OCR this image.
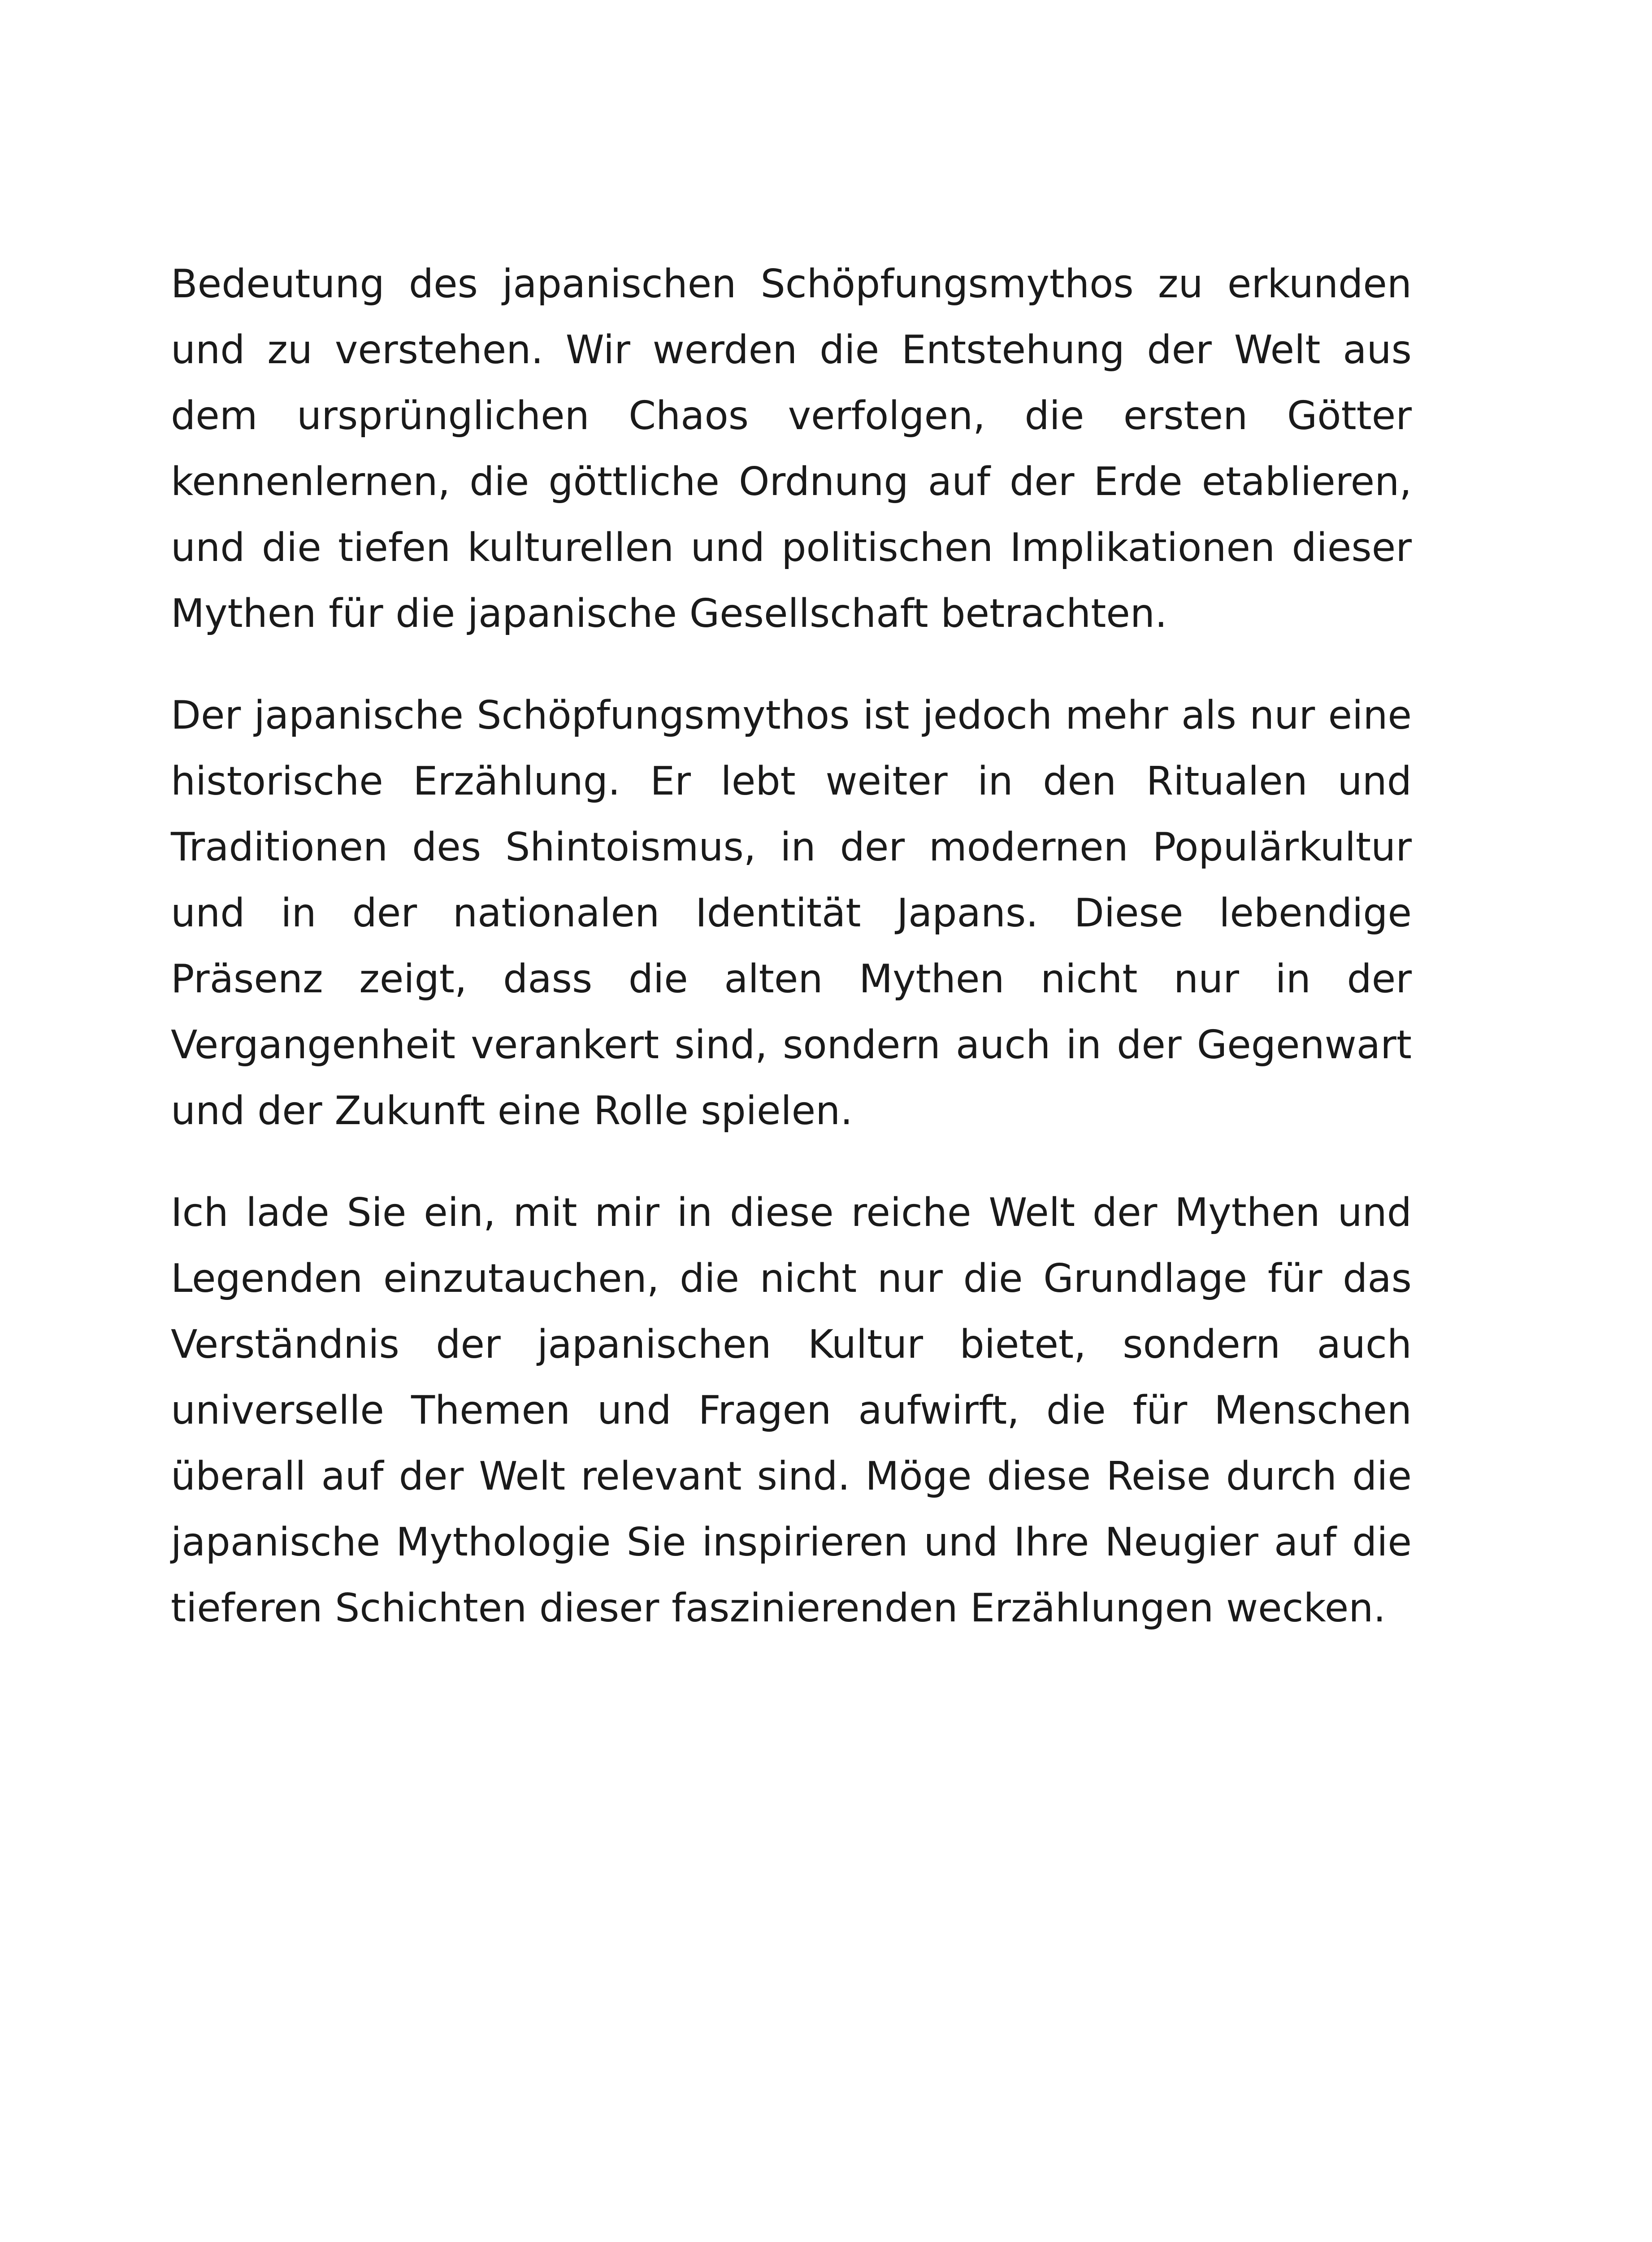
Bedeutung des japanischen Schöpfungsmythos zu erkunden und zu verstehen. Wir werden die Entstehung der Welt aus dem ursprünglichen Chaos verfolgen, die ersten Götter kennenlernen, die göttliche Ordnung auf der Erde etablieren, und die tiefen kulturellen und politischen Implikationen dieser Mythen für die japanische Gesellschaft betrachten.

Der japanische Schöpfungsmythos ist jedoch mehr als nur eine historische Erzählung. Er lebt weiter in den Ritualen und Traditionen des Shintoismus, in der modernen Populärkultur und in der nationalen Identität Japans. Diese lebendige Präsenz zeigt, dass die alten Mythen nicht nur in der Vergangenheit verankert sind, sondern auch in der Gegenwart und der Zukunft eine Rolle spielen.

Ich lade Sie ein, mit mir in diese reiche Welt der Mythen und Legenden einzutauchen, die nicht nur die Grundlage für das Verständnis der japanischen Kultur bietet, sondern auch universelle Themen und Fragen aufwirft, die für Menschen überall auf der Welt relevant sind. Möge diese Reise durch die japanische Mythologie Sie inspirieren und Ihre Neugier auf die tieferen Schichten dieser faszinierenden Erzählungen wecken.
